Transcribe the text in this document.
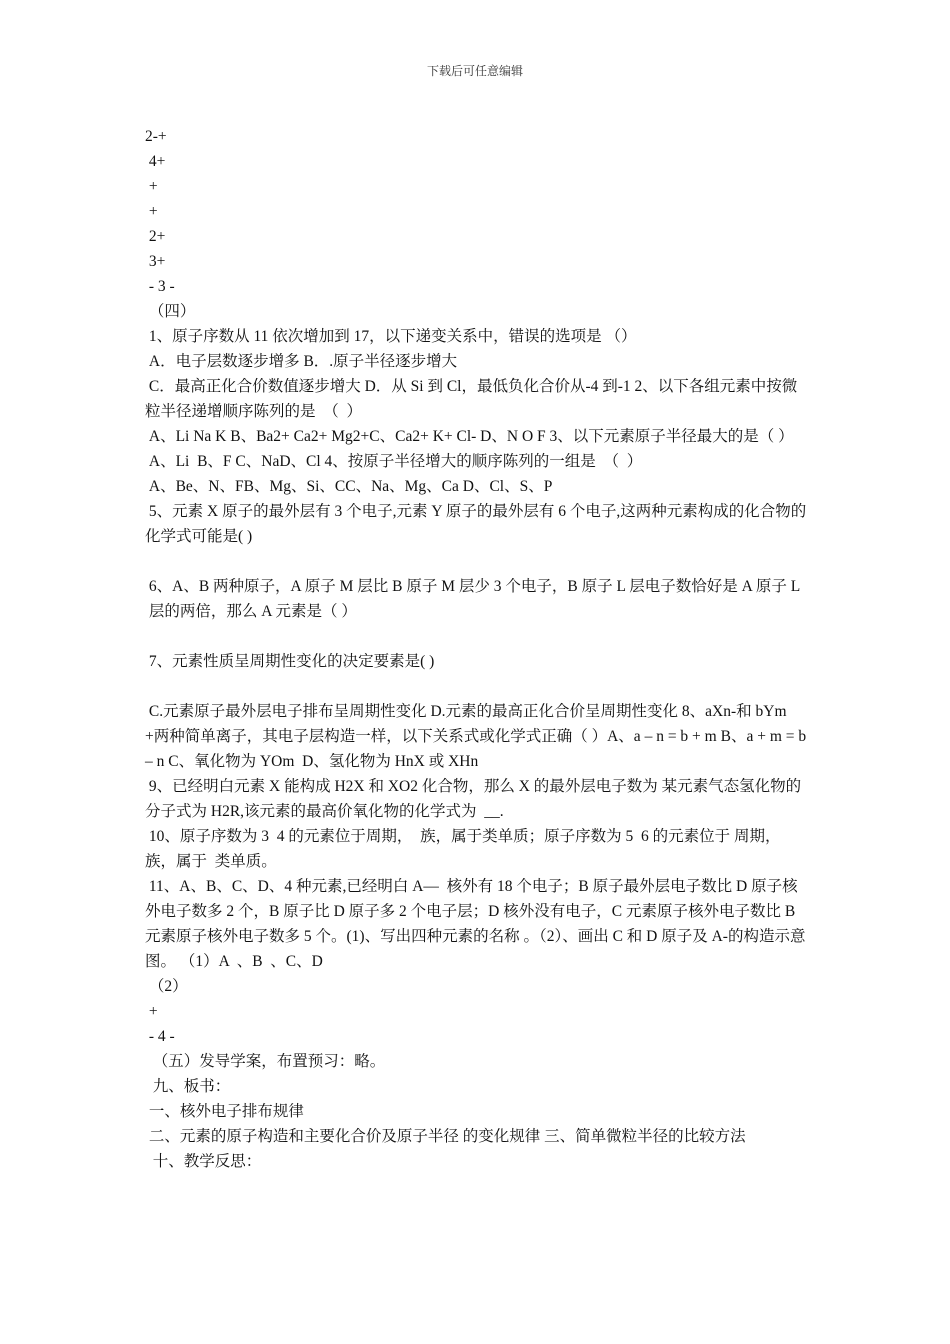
下载后可任意编辑
2-+
4+
+
+
2+
3+
- 3 -
（四）
1、原子序数从 11 依次增加到 17，以下递变关系中，错误的选项是 （）
A．电子层数逐步增多 B．.原子半径逐步增大
C．最高正化合价数值逐步增大 D．从 Si 到 Cl，最低负化合价从-4 到-1 2、以下各组元素中按微粒半径递增顺序陈列的是  （  ）
A、Li Na K B、Ba2+ Ca2+ Mg2+C、Ca2+ K+ Cl- D、N O F 3、以下元素原子半径最大的是（ ）
A、Li  B、F C、NaD、Cl 4、按原子半径增大的顺序陈列的一组是  （  ）
A、Be、N、FB、Mg、Si、CC、Na、Mg、Ca D、Cl、S、P
5、元素 X 原子的最外层有 3 个电子,元素 Y 原子的最外层有 6 个电子,这两种元素构成的化合物的化学式可能是( )
6、A、B 两种原子，A 原子 M 层比 B 原子 M 层少 3 个电子，B 原子 L 层电子数恰好是 A 原子 L
层的两倍，那么 A 元素是（ ）
7、元素性质呈周期性变化的决定要素是( )
C.元素原子最外层电子排布呈周期性变化 D.元素的最高正化合价呈周期性变化 8、aXn-和 bYm+两种简单离子，其电子层构造一样，以下关系式或化学式正确（ ）A、a – n = b + m B、a + m = b – n C、氧化物为 YOm  D、氢化物为 HnX 或 XHn
9、已经明白元素 X 能构成 H2X 和 XO2 化合物，那么 X 的最外层电子数为 某元素气态氢化物的分子式为 H2R,该元素的最高价氧化物的化学式为  __.
10、原子序数为 3  4 的元素位于周期，  族，属于类单质；原子序数为 5  6 的元素位于 周期，族，属于  类单质。
11、A、B、C、D、4 种元素,已经明白 A—  核外有 18 个电子；B 原子最外层电子数比 D 原子核外电子数多 2 个，B 原子比 D 原子多 2 个电子层；D 核外没有电子，C 元素原子核外电子数比 B 元素原子核外电子数多 5 个。(1)、写出四种元素的名称 。（2）、画出 C 和 D 原子及 A-的构造示意图。 （1）A  、B  、C、D
（2）
+
- 4 -
（五）发导学案，布置预习：略。
九、板书：
一、核外电子排布规律
二、元素的原子构造和主要化合价及原子半径 的变化规律 三、简单微粒半径的比较方法
十、教学反思：
